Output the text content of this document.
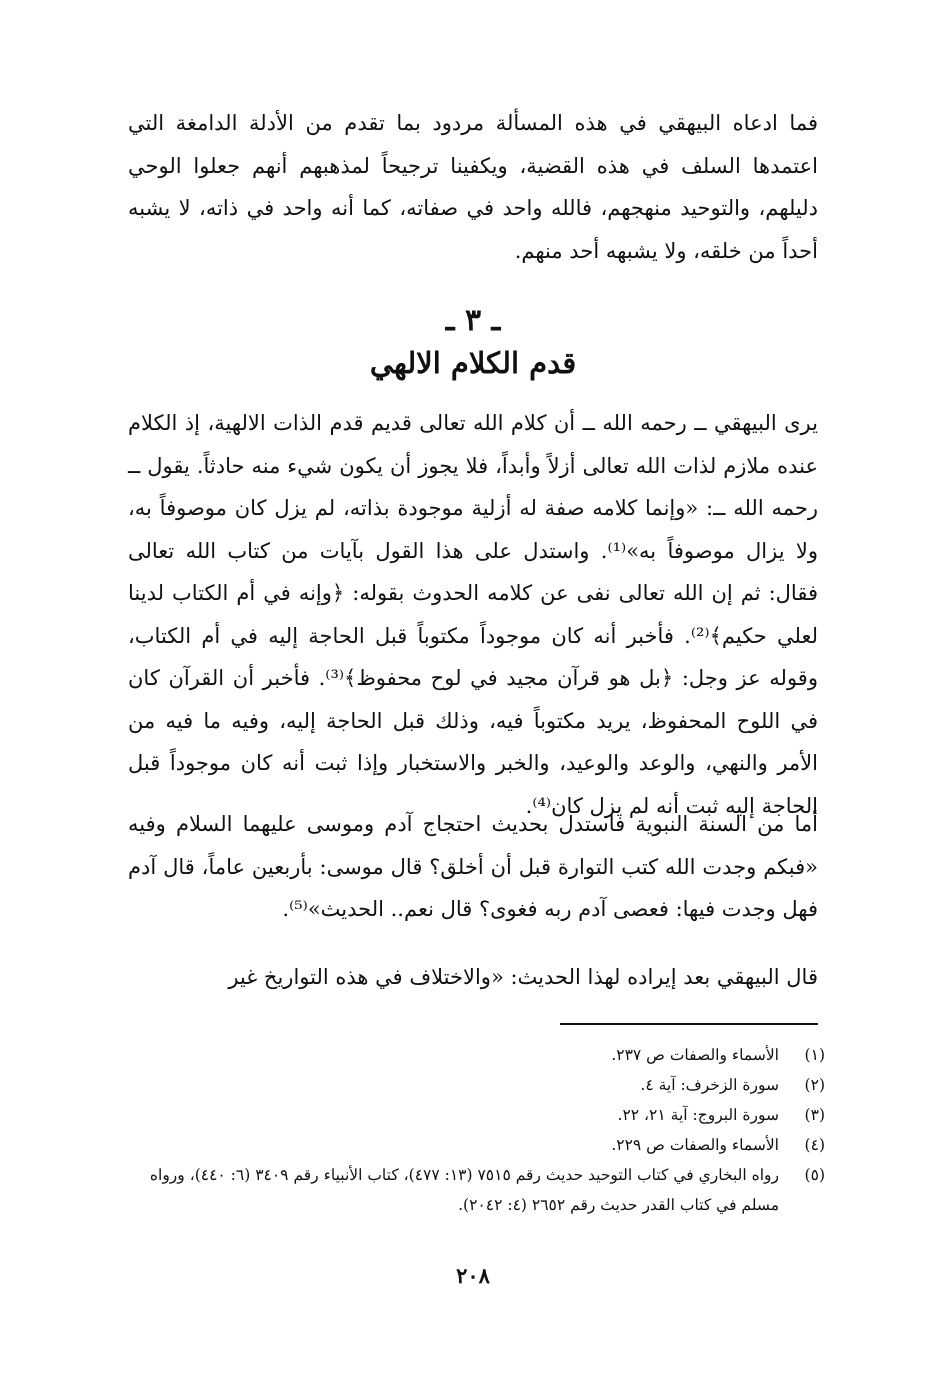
فما ادعاه البيهقي في هذه المسألة مردود بما تقدم من الأدلة الدامغة التي اعتمدها السلف في هذه القضية، ويكفينا ترجيحاً لمذهبهم أنهم جعلوا الوحي دليلهم، والتوحيد منهجهم، فالله واحد في صفاته، كما أنه واحد في ذاته، لا يشبه أحداً من خلقه، ولا يشبهه أحد منهم.

ـ ٣ ـ
قدم الكلام الالهي

يرى البيهقي ــ رحمه الله ــ أن كلام الله تعالى قديم قدم الذات الالهية، إذ الكلام عنده ملازم لذات الله تعالى أزلاً وأبداً، فلا يجوز أن يكون شيء منه حادثاً. يقول ــ رحمه الله ــ: «وإنما كلامه صفة له أزلية موجودة بذاته، لم يزل كان موصوفاً به، ولا يزال موصوفاً به»⁽¹⁾. واستدل على هذا القول بآيات من كتاب الله تعالى فقال: ثم إن الله تعالى نفى عن كلامه الحدوث بقوله: ﴿وإنه في أم الكتاب لدينا لعلي حكيم﴾⁽²⁾. فأخبر أنه كان موجوداً مكتوباً قبل الحاجة إليه في أم الكتاب، وقوله عز وجل: ﴿بل هو قرآن مجيد في لوح محفوظ﴾⁽³⁾. فأخبر أن القرآن كان في اللوح المحفوظ، يريد مكتوباً فيه، وذلك قبل الحاجة إليه، وفيه ما فيه من الأمر والنهي، والوعد والوعيد، والخبر والاستخبار وإذا ثبت أنه كان موجوداً قبل الحاجة إليه ثبت أنه لم يزل كان⁽⁴⁾.

أما من السنة النبوية فاستدل بحديث احتجاج آدم وموسى عليهما السلام وفيه «فبكم وجدت الله كتب التوارة قبل أن أخلق؟ قال موسى: بأربعين عاماً، قال آدم فهل وجدت فيها: فعصى آدم ربه فغوى؟ قال نعم.. الحديث»⁽⁵⁾.

قال البيهقي بعد إيراده لهذا الحديث: «والاختلاف في هذه التواريخ غير

(١)
الأسماء والصفات ص ٢٣٧.
(٢)
سورة الزخرف: آية ٤.
(٣)
سورة البروج: آية ٢١، ٢٢.
(٤)
الأسماء والصفات ص ٢٢٩.
(٥)
رواه البخاري في كتاب التوحيد حديث رقم ٧٥١٥ (١٣: ٤٧٧)، كتاب الأنبياء رقم ٣٤٠٩ (٦: ٤٤٠)، ورواه مسلم في كتاب القدر حديث رقم ٢٦٥٢ (٤: ٢٠٤٢).
٢٠٨
